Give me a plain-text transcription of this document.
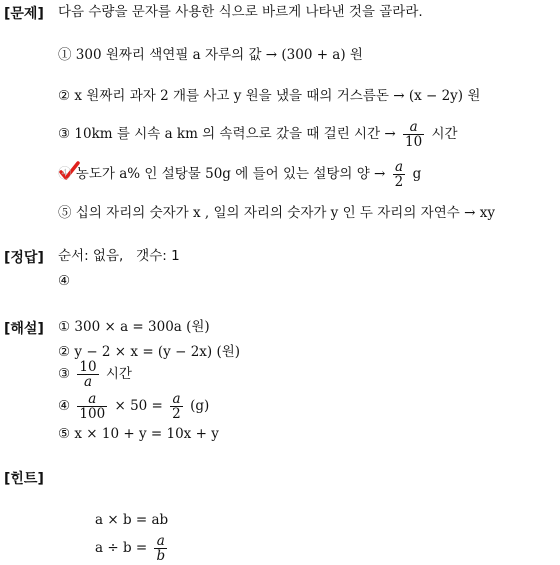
[문제] 다음 수량을 문자를 사용한 식으로 바르게 나타낸 것을 골라라.
① 300 원짜리 색연필 a 자루의 값 → (300 + a) 원
② x 원짜리 과자 2 개를 사고 y 원을 냈을 때의 거스름돈 → (x − 2y) 원
③ 10km 를 시속 a km 의 속력으로 갔을 때 걸린 시간 → $\frac{a}{10}$ 시간
④ 농도가 a% 인 설탕물 50g 에 들어 있는 설탕의 양 → $\frac{a}{2}$ g
⑤ 십의 자리의 숫자가 x , 일의 자리의 숫자가 y 인 두 자리의 자연수 → xy
[정답] 순서: 없음,   갯수: 1
④
[해설] ① 300 × a = 300a (원)
② y − 2 × x = (y − 2x) (원)
③ $\frac{10}{a}$ 시간
④ $\frac{a}{100} \times 50 = \frac{a}{2} (g)$
⑤ x × 10 + y = 10x + y
[힌트]
a × b = ab
$a \div b = \frac{a}{b}$
